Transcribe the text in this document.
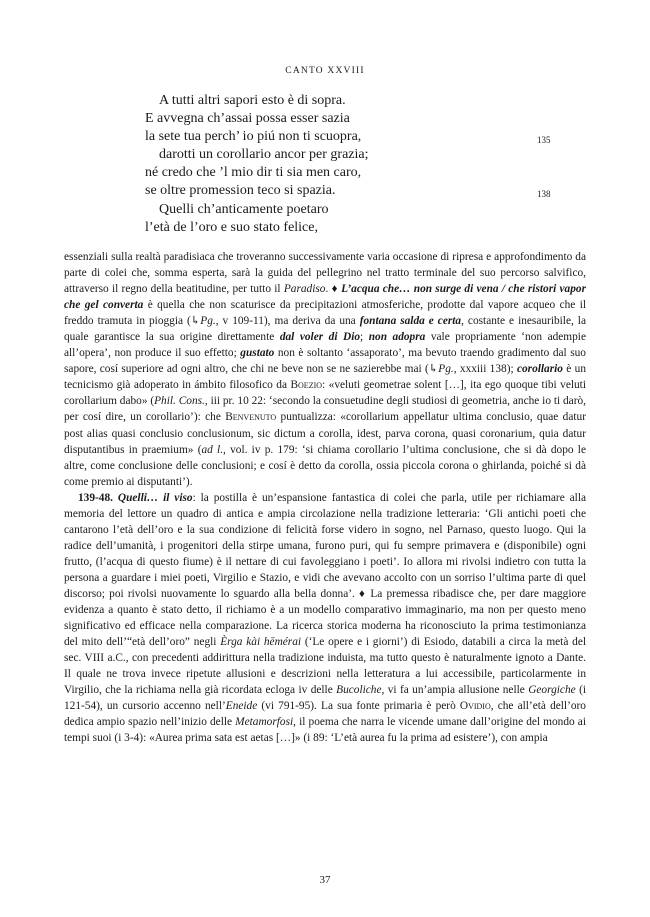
CANTO XXVIII
A tutti altri sapori esto è di sopra.
E avvegna ch’assai possa esser sazia
la sete tua perch’ io piú non ti scuopra,	135
darotti un corollario ancor per grazia;
né credo che ’l mio dir ti sia men caro,
se oltre promession teco si spazia.	138
Quelli ch’anticamente poetaro
l’età de l’oro e suo stato felice,

essenziali sulla realtà paradisiaca che troveranno successivamente varia occasione di ripresa e approfondimento da parte di colei che, somma esperta, sarà la guida del pellegrino nel tratto terminale del suo percorso salvifico, attraverso il regno della beatitudine, per tutto il Paradiso. ♦ L’acqua che… non surge di vena / che ristori vapor che gel converta è quella che non scaturisce da precipitazioni atmosferiche, prodotte dal vapore acqueo che il freddo tramuta in pioggia (↳Pg., v 109-11), ma deriva da una fontana salda e certa, costante e inesauribile, la quale garantisce la sua origine direttamente dal voler di Dio; non adopra vale propriamente ‘non adempie all’opera’, non produce il suo effetto; gustato non è soltanto ‘assaporato’, ma bevuto traendo gradimento dal suo sapore, cosí superiore ad ogni altro, che chi ne beve non se ne sazierebbe mai (↳Pg., xxxiii 138); corollario è un tecnicismo già adoperato in ámbito filosofico da Boezio: «veluti geometrae solent […], ita ego quoque tibi veluti corollarium dabo» (Phil. Cons., iii pr. 10 22: ‘secondo la consuetudine degli studiosi di geometria, anche io ti darò, per cosí dire, un corollario’): che Benvenuto puntualizza: «corollarium appellatur ultima conclusio, quae datur post alias quasi conclusio conclusionum, sic dictum a corolla, idest, parva corona, quasi coronarium, quia datur disputantibus in praemium» (ad l., vol. iv p. 179: ‘si chiama corollario l’ultima conclusione, che si dà dopo le altre, come conclusione delle conclusioni; e cosí è detto da corolla, ossia piccola corona o ghirlanda, poiché si dà come premio ai disputanti’).

139-48. Quelli… il viso: la postilla è un’espansione fantastica di colei che parla, utile per richiamare alla memoria del lettore un quadro di antica e ampia circolazione nella tradizione letteraria: ‘Gli antichi poeti che cantarono l’età dell’oro e la sua condizione di felicità forse videro in sogno, nel Parnaso, questo luogo. Qui la radice dell’umanità, i progenitori della stirpe umana, furono puri, qui fu sempre primavera e (disponibile) ogni frutto, (l’acqua di questo fiume) è il nettare di cui favoleggiano i poeti’. Io allora mi rivolsi indietro con tutta la persona a guardare i miei poeti, Virgilio e Stazio, e vidi che avevano accolto con un sorriso l’ultima parte di quel discorso; poi rivolsi nuovamente lo sguardo alla bella donna’. ♦ La premessa ribadisce che, per dare maggiore evidenza a quanto è stato detto, il richiamo è a un modello comparativo immaginario, ma non per questo meno significativo ed efficace nella comparazione. La ricerca storica moderna ha riconosciuto la prima testimonianza del mito dell’“età dell’oro” negli Èrga kài hēmérai (‘Le opere e i giorni’) di Esiodo, databili a circa la metà del sec. VIII a.C., con precedenti addirittura nella tradizione induista, ma tutto questo è naturalmente ignoto a Dante. Il quale ne trova invece ripetute allusioni e descrizioni nella letteratura a lui accessibile, particolarmente in Virgilio, che la richiama nella già ricordata ecloga iv delle Bucoliche, vi fa un’ampia allusione nelle Georgiche (i 121-54), un cursorio accenno nell’Eneide (vi 791-95). La sua fonte primaria è però Ovidio, che all’età dell’oro dedica ampio spazio nell’inizio delle Metamorfosi, il poema che narra le vicende umane dall’origine del mondo ai tempi suoi (i 3-4): «Aurea prima sata est aetas […]» (i 89: ‘L’età aurea fu la prima ad esistere’), con ampia

37
